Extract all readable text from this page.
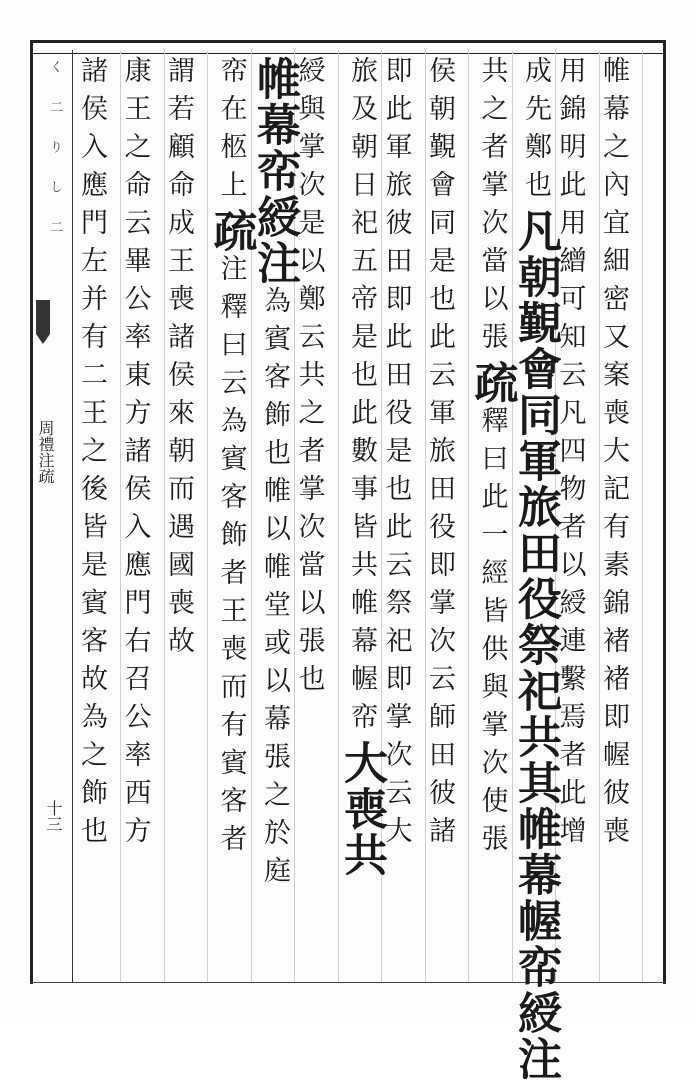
く
二
り
し
二
周禮注疏
十三	帷幕之內宜細密又案喪大記有素錦褚褚即幄彼喪
用錦明此用繒可知云凡四物者以綬連繫焉者此增
成先鄭也凡朝覲會同軍旅田役祭祀共其帷幕幄帟綬注
共之者掌次當以張疏釋曰此一經皆供與掌次使張
侯朝覲會同是也此云軍旅田役即掌次云師田彼諸
即此軍旅彼田即此田役是也此云祭祀即掌次云大
旅及朝日祀五帝是也此數事皆共帷幕幄帟大喪共
綬與掌次是以鄭云共之者掌次當以張也
帷幕帟綬注為賓客飾也帷以帷堂或以幕張之於庭
帟在柩上疏注釋曰云為賓客飾者王喪而有賓客者
謂若顧命成王喪諸侯來朝而遇國喪故
康王之命云畢公率東方諸侯入應門右召公率西方
諸侯入應門左并有二王之後皆是賓客故為之飾也
